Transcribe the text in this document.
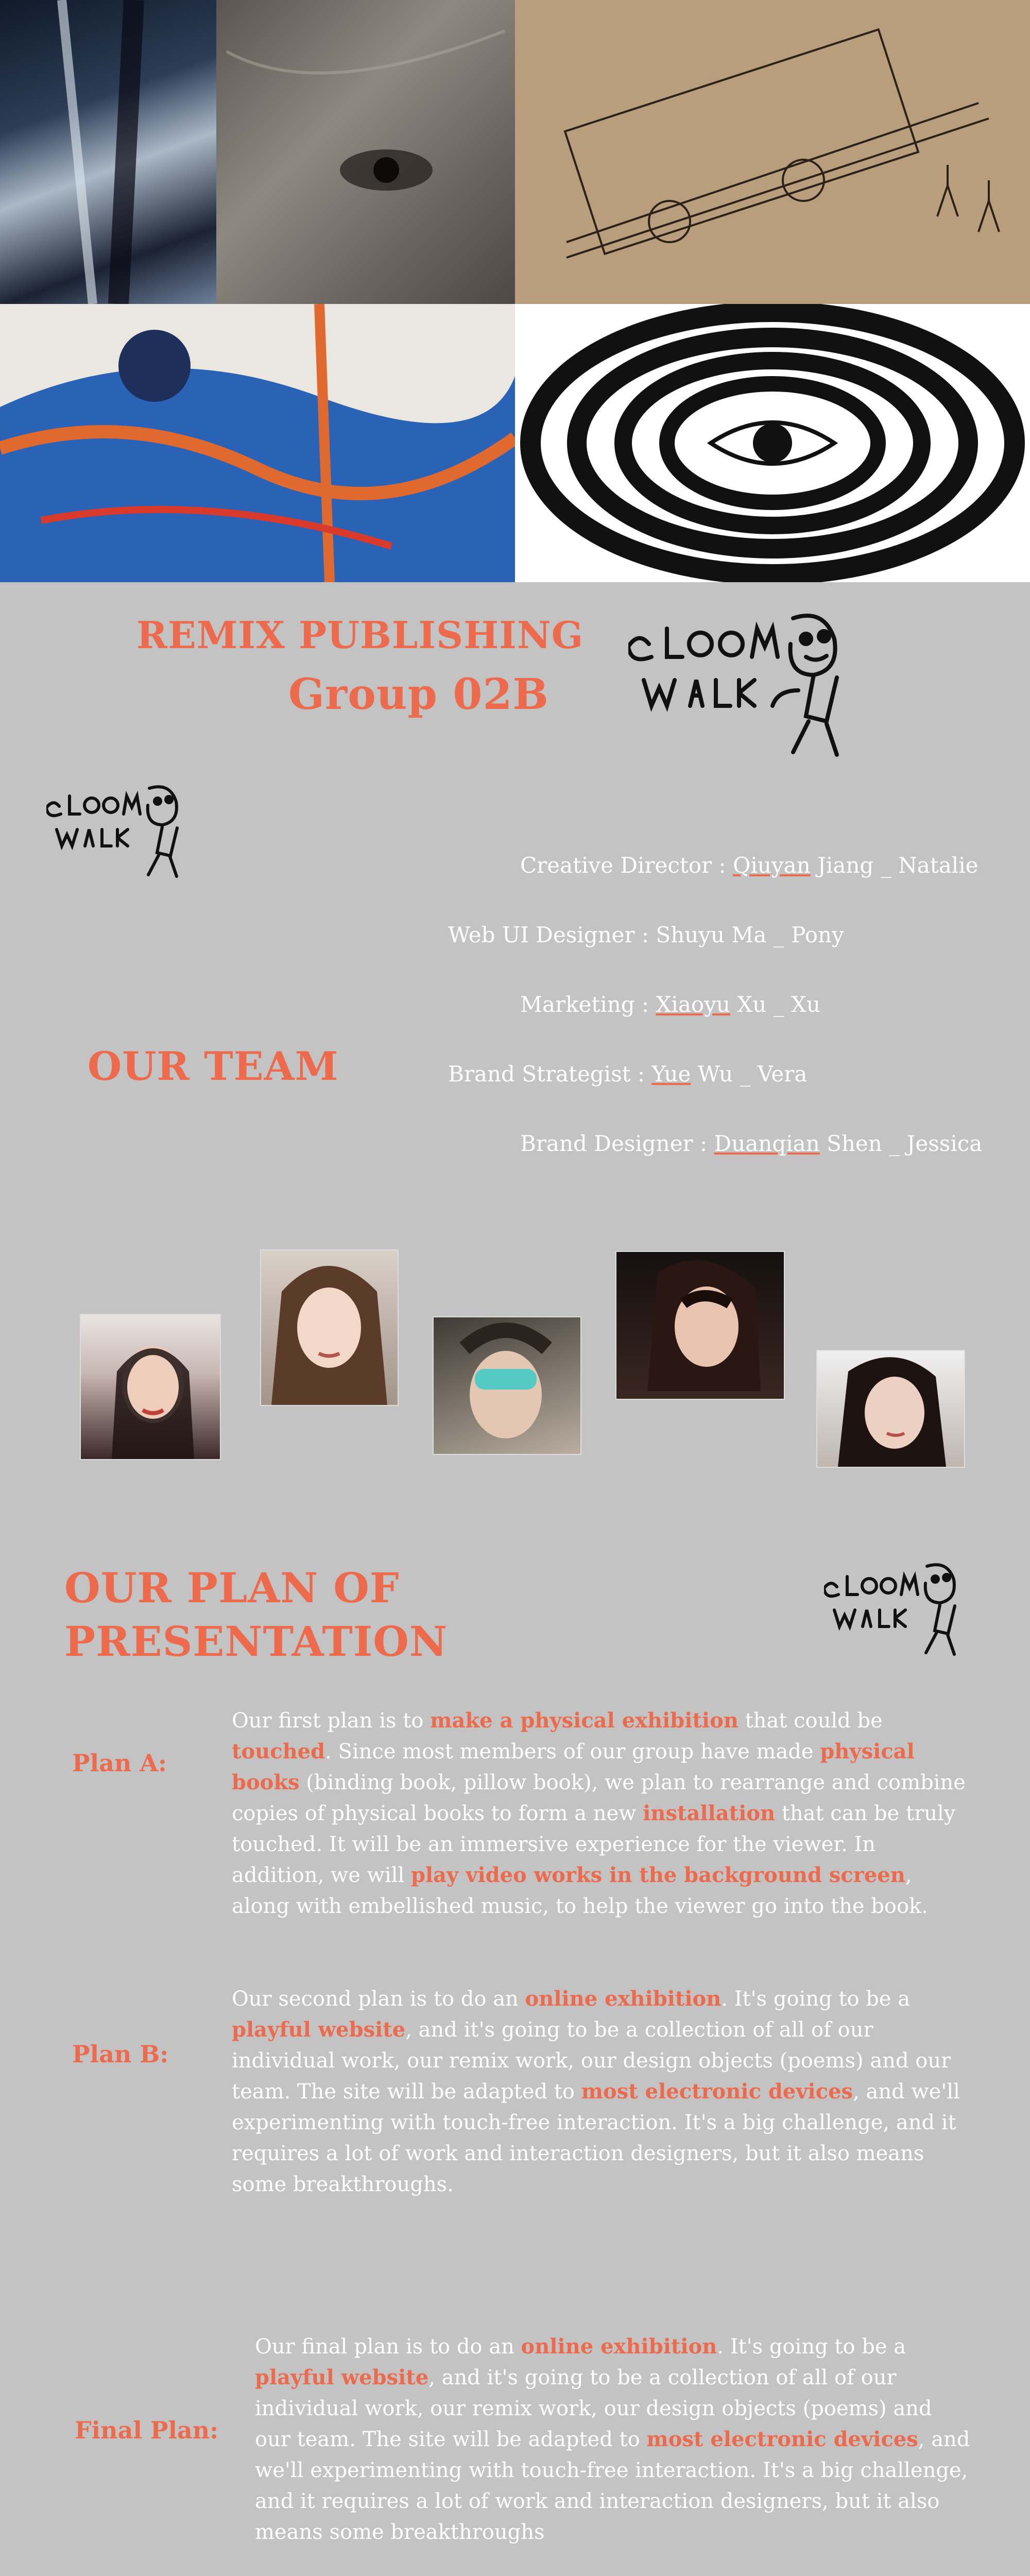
REMIX PUBLISHING
Group 02B
OUR TEAM
Creative Director : Qiuyan Jiang _ Natalie
Web UI Designer : Shuyu Ma _ Pony
Marketing : Xiaoyu Xu _ Xu
Brand Strategist : Yue Wu _ Vera
Brand Designer : Duanqian Shen _ Jessica
OUR PLAN OF
PRESENTATION
Plan A:
Our first plan is to make a physical exhibition that could be touched. Since most members of our group have made physical books (binding book, pillow book), we plan to rearrange and combine copies of physical books to form a new installation that can be truly touched. It will be an immersive experience for the viewer. In addition, we will play video works in the background screen, along with embellished music, to help the viewer go into the book.
Plan B:
Our second plan is to do an online exhibition. It's going to be a playful website, and it's going to be a collection of all of our individual work, our remix work, our design objects (poems) and our team. The site will be adapted to most electronic devices, and we'll experimenting with touch-free interaction. It's a big challenge, and it requires a lot of work and interaction designers, but it also means some breakthroughs.
Final Plan:
Our final plan is to do an online exhibition. It's going to be a playful website, and it's going to be a collection of all of our individual work, our remix work, our design objects (poems) and our team. The site will be adapted to most electronic devices, and we'll experimenting with touch-free interaction. It's a big challenge, and it requires a lot of work and interaction designers, but it also means some breakthroughs
